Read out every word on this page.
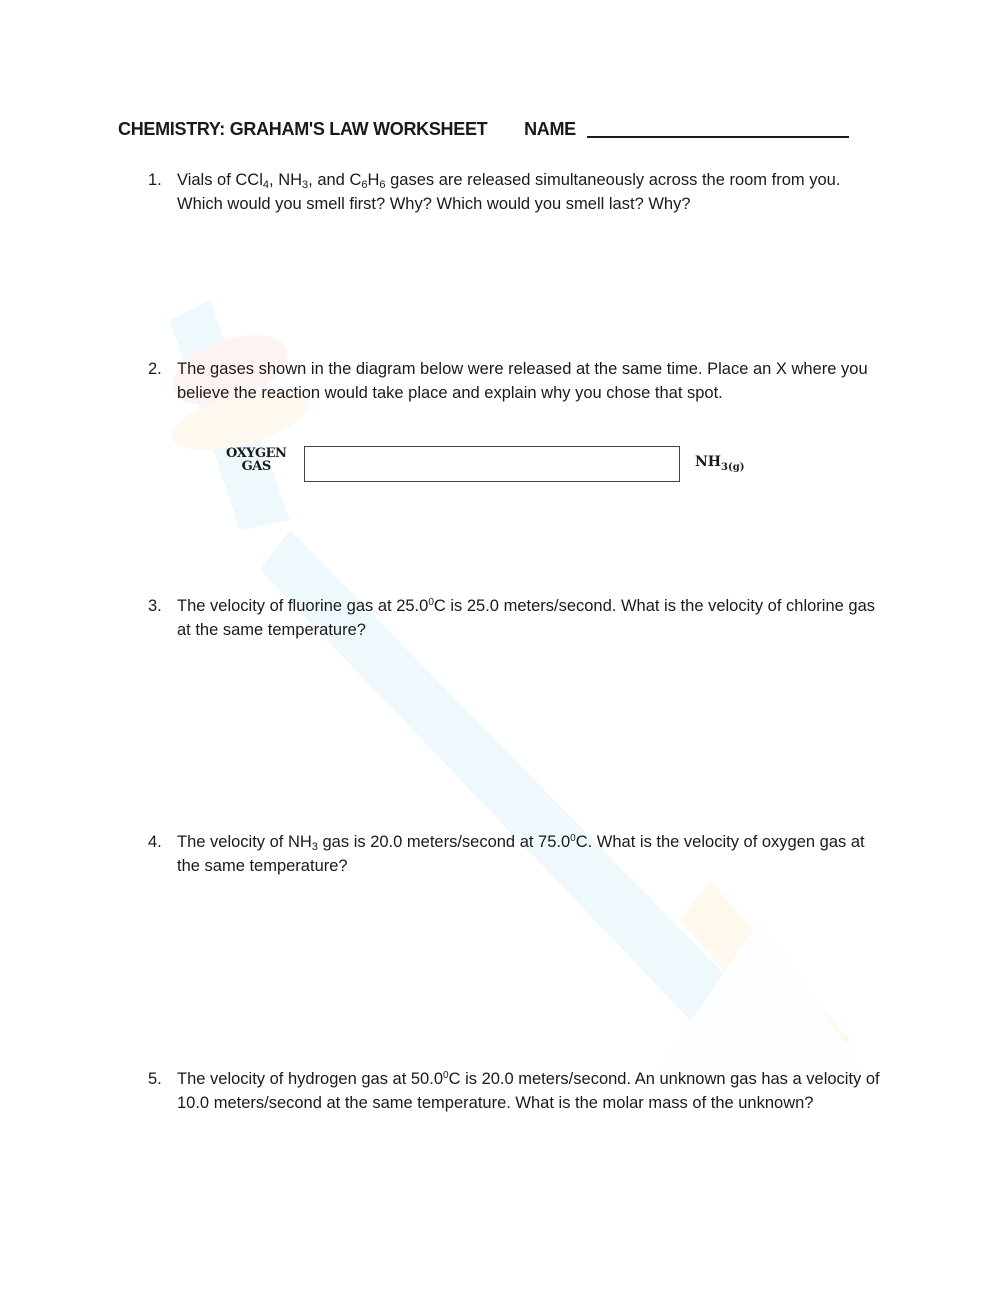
CHEMISTRY: GRAHAM'S LAW WORKSHEET NAME
1. Vials of CCl$_4$, $NH_3$, and $C_6H_6$ gases are released simultaneously across the room from you. Which would you smell first? Why? Which would you smell last? Why?
2. The gases shown in the diagram below were released at the same time. Place an X where you believe the reaction would take place and explain why you chose that spot.
OXYGEN
GAS	$NH_{3(g)}$
3. The velocity of fluorine gas at 25.0$^0$C is 25.0 meters/second. What is the velocity of chlorine gas at the same temperature?
4. The velocity of $NH_3$ gas is 20.0 meters/second at 75.0$^0$C. What is the velocity of oxygen gas at the same temperature?
5. The velocity of hydrogen gas at 50.0$^0$C is 20.0 meters/second. An unknown gas has a velocity of 10.0 meters/second at the same temperature. What is the molar mass of the unknown?
